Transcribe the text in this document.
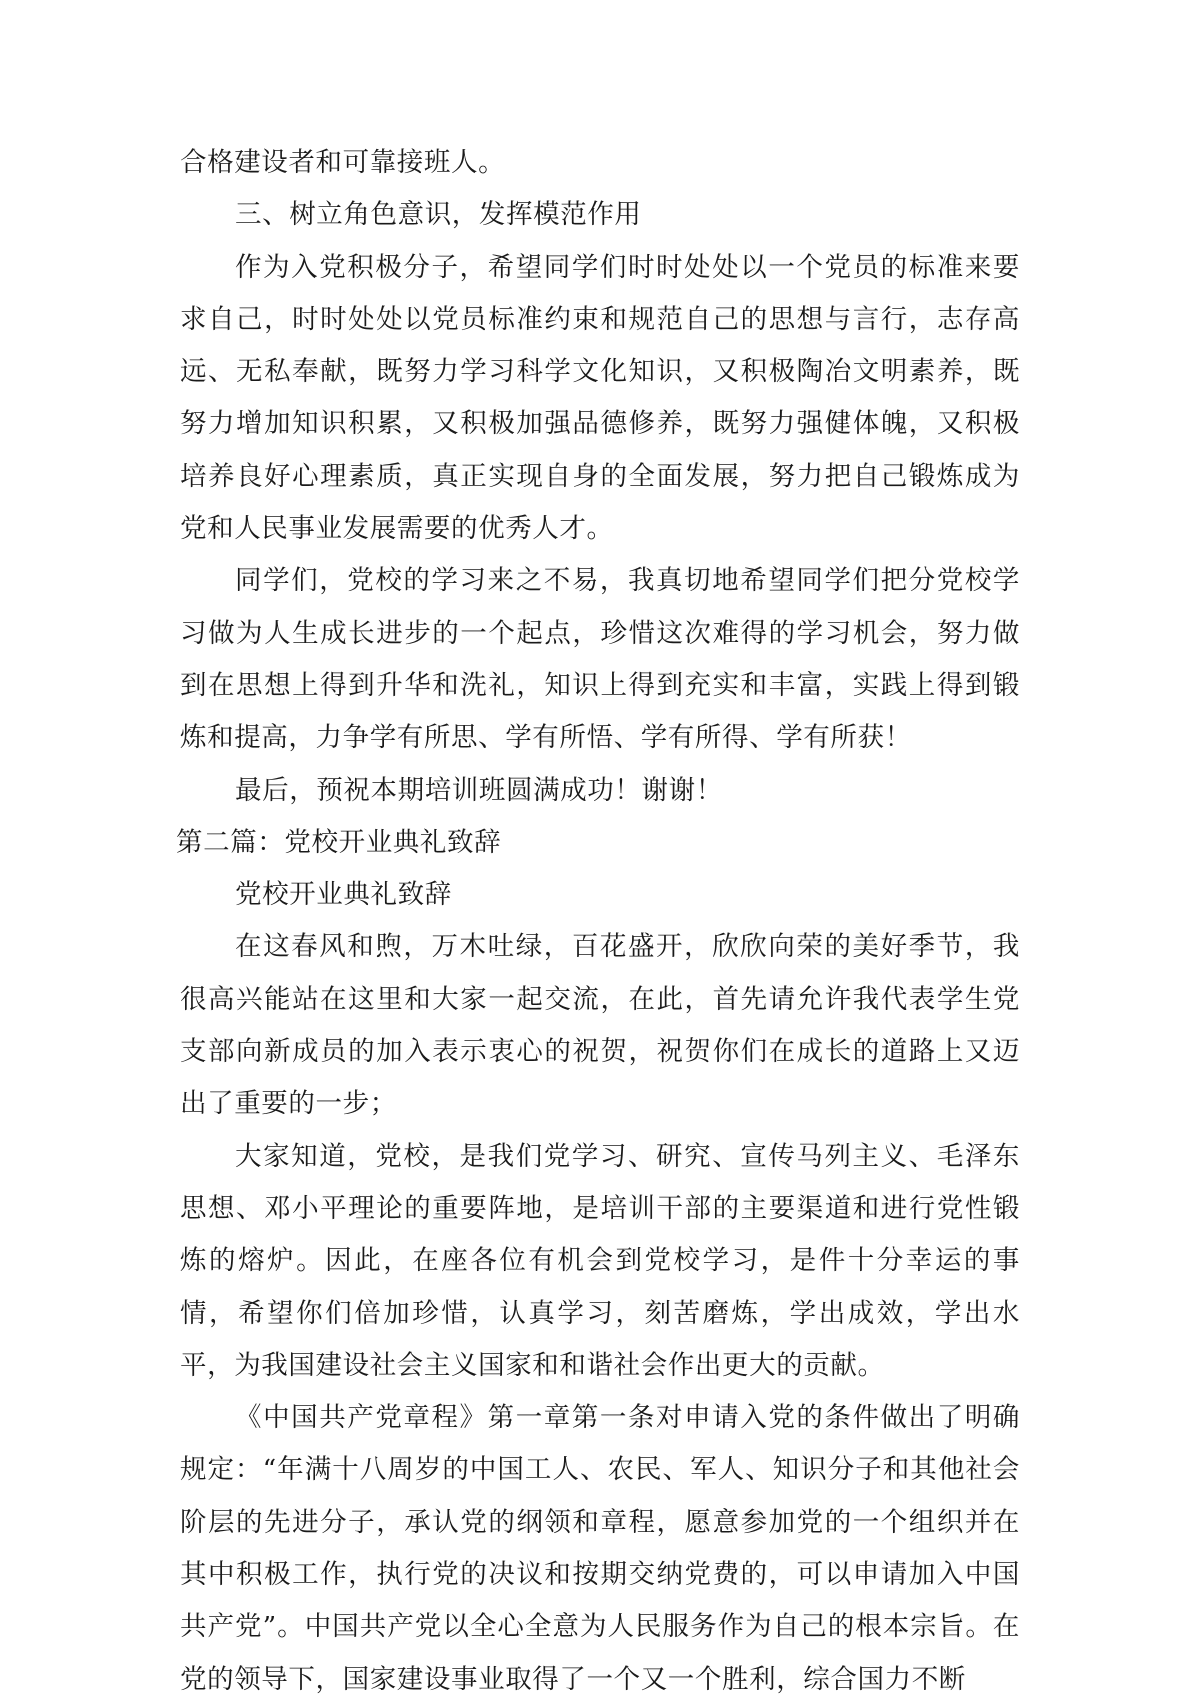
合格建设者和可靠接班人。

三、树立角色意识，发挥模范作用

作为入党积极分子，希望同学们时时处处以一个党员的标准来要求自己，时时处处以党员标准约束和规范自己的思想与言行，志存高远、无私奉献，既努力学习科学文化知识，又积极陶冶文明素养，既努力增加知识积累，又积极加强品德修养，既努力强健体魄，又积极培养良好心理素质，真正实现自身的全面发展，努力把自己锻炼成为党和人民事业发展需要的优秀人才。

同学们，党校的学习来之不易，我真切地希望同学们把分党校学习做为人生成长进步的一个起点，珍惜这次难得的学习机会，努力做到在思想上得到升华和洗礼，知识上得到充实和丰富，实践上得到锻炼和提高，力争学有所思、学有所悟、学有所得、学有所获！

最后，预祝本期培训班圆满成功！谢谢！

第二篇：党校开业典礼致辞

党校开业典礼致辞

在这春风和煦，万木吐绿，百花盛开，欣欣向荣的美好季节，我很高兴能站在这里和大家一起交流，在此，首先请允许我代表学生党支部向新成员的加入表示衷心的祝贺，祝贺你们在成长的道路上又迈出了重要的一步；

大家知道，党校，是我们党学习、研究、宣传马列主义、毛泽东思想、邓小平理论的重要阵地，是培训干部的主要渠道和进行党性锻炼的熔炉。因此，在座各位有机会到党校学习，是件十分幸运的事情，希望你们倍加珍惜，认真学习，刻苦磨炼，学出成效，学出水平，为我国建设社会主义国家和和谐社会作出更大的贡献。

《中国共产党章程》第一章第一条对申请入党的条件做出了明确规定：“年满十八周岁的中国工人、农民、军人、知识分子和其他社会阶层的先进分子，承认党的纲领和章程，愿意参加党的一个组织并在其中积极工作，执行党的决议和按期交纳党费的，可以申请加入中国共产党”。中国共产党以全心全意为人民服务作为自己的根本宗旨。在党的领导下，国家建设事业取得了一个又一个胜利，综合国力不断
